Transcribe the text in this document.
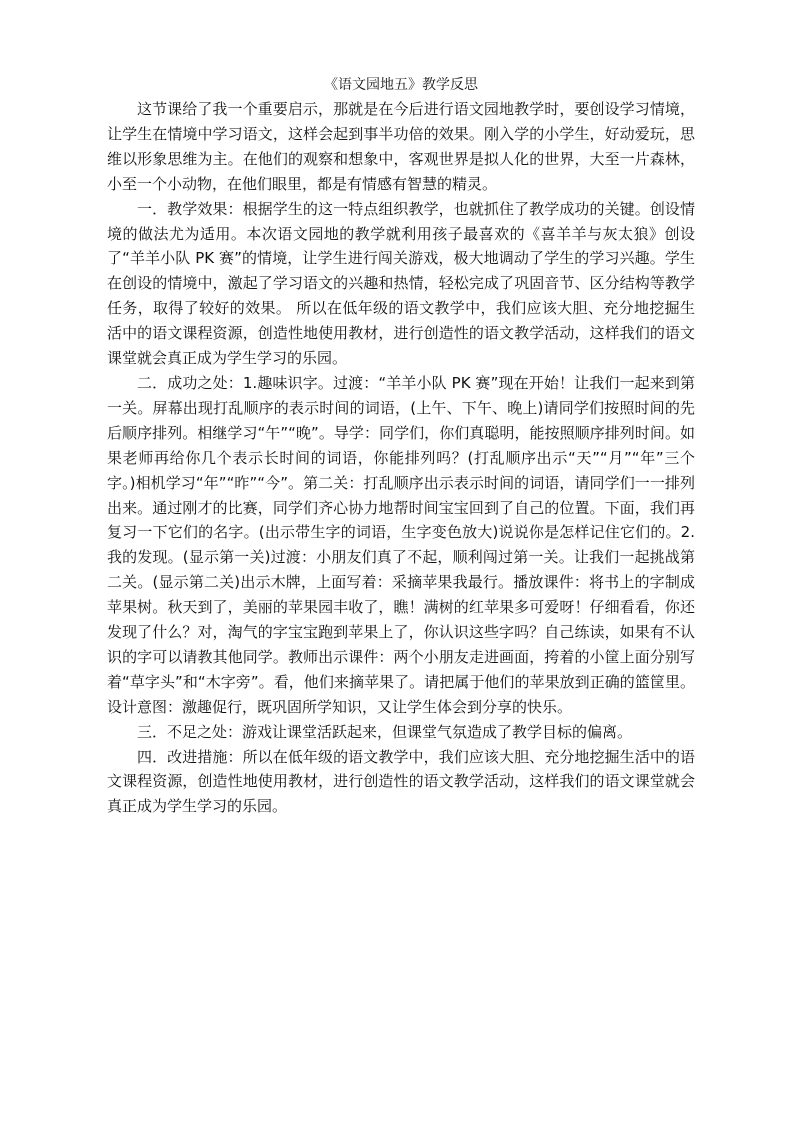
《语文园地五》教学反思

这节课给了我一个重要启示，那就是在今后进行语文园地教学时，要创设学习情境，让学生在情境中学习语文，这样会起到事半功倍的效果。刚入学的小学生，好动爱玩，思维以形象思维为主。在他们的观察和想象中，客观世界是拟人化的世界，大至一片森林，小至一个小动物，在他们眼里，都是有情感有智慧的精灵。

一．教学效果：根据学生的这一特点组织教学，也就抓住了教学成功的关键。创设情境的做法尤为适用。本次语文园地的教学就利用孩子最喜欢的《喜羊羊与灰太狼》创设了“羊羊小队 PK 赛”的情境，让学生进行闯关游戏，极大地调动了学生的学习兴趣。学生在创设的情境中，激起了学习语文的兴趣和热情，轻松完成了巩固音节、区分结构等教学任务，取得了较好的效果。 所以在低年级的语文教学中，我们应该大胆、充分地挖掘生活中的语文课程资源，创造性地使用教材，进行创造性的语文教学活动，这样我们的语文课堂就会真正成为学生学习的乐园。

二．成功之处：1.趣味识字。过渡：“羊羊小队 PK 赛”现在开始！让我们一起来到第一关。屏幕出现打乱顺序的表示时间的词语，(上午、下午、晚上)请同学们按照时间的先后顺序排列。相继学习“午”“晚”。导学：同学们，你们真聪明，能按照顺序排列时间。如果老师再给你几个表示长时间的词语，你能排列吗？(打乱顺序出示“天”“月”“年”三个字。)相机学习“年”“昨”“今”。第二关：打乱顺序出示表示时间的词语，请同学们一一排列出来。通过刚才的比赛，同学们齐心协力地帮时间宝宝回到了自己的位置。下面，我们再复习一下它们的名字。(出示带生字的词语，生字变色放大)说说你是怎样记住它们的。2.我的发现。(显示第一关)过渡：小朋友们真了不起，顺利闯过第一关。让我们一起挑战第二关。(显示第二关)出示木牌，上面写着：采摘苹果我最行。播放课件：将书上的字制成苹果树。秋天到了，美丽的苹果园丰收了，瞧！满树的红苹果多可爱呀！仔细看看，你还发现了什么？对，淘气的字宝宝跑到苹果上了，你认识这些字吗？自己练读，如果有不认识的字可以请教其他同学。教师出示课件：两个小朋友走进画面，挎着的小筐上面分别写着“草字头”和“木字旁”。看，他们来摘苹果了。请把属于他们的苹果放到正确的篮筐里。设计意图：激趣促行，既巩固所学知识，又让学生体会到分享的快乐。

三．不足之处：游戏让课堂活跃起来，但课堂气氛造成了教学目标的偏离。

四．改进措施：所以在低年级的语文教学中，我们应该大胆、充分地挖掘生活中的语文课程资源，创造性地使用教材，进行创造性的语文教学活动，这样我们的语文课堂就会真正成为学生学习的乐园。
